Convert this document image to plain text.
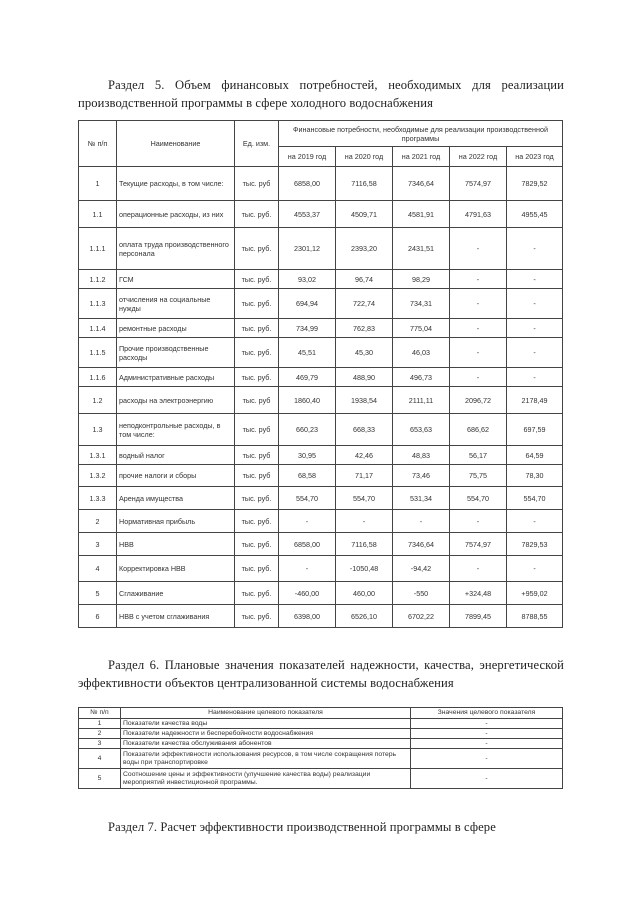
Раздел 5. Объем финансовых потребностей, необходимых для реализации производственной программы в сфере холодного водоснабжения
№ п/п	Наименование	Ед. изм.	Финансовые потребности, необходимые для реализации производственной программы				
			на 2019 год	на 2020 год	на 2021 год	на 2022 год	на 2023 год
1	Текущие расходы, в том числе:	тыс. руб	6858,00	7116,58	7346,64	7574,97	7829,52
1.1	операционные расходы, из них	тыс. руб.	4553,37	4509,71	4581,91	4791,63	4955,45
1.1.1	оплата труда производственного персонала	тыс. руб.	2301,12	2393,20	2431,51	-	-
1.1.2	ГСМ	тыс. руб.	93,02	96,74	98,29	-	-
1.1.3	отчисления на социальные нужды	тыс. руб.	694,94	722,74	734,31	-	-
1.1.4	ремонтные расходы	тыс. руб.	734,99	762,83	775,04	-	-
1.1.5	Прочие производственные расходы	тыс. руб.	45,51	45,30	46,03	-	-
1.1.6	Административные расходы	тыс. руб.	469,79	488,90	496,73	-	-
1.2	расходы на электроэнергию	тыс. руб	1860,40	1938,54	2111,11	2096,72	2178,49
1.3	неподконтрольные расходы, в том числе:	тыс. руб	660,23	668,33	653,63	686,62	697,59
1.3.1	водный налог	тыс. руб	30,95	42,46	48,83	56,17	64,59
1.3.2	прочие налоги и сборы	тыс. руб	68,58	71,17	73,46	75,75	78,30
1.3.3	Аренда имущества	тыс. руб.	554,70	554,70	531,34	554,70	554,70
2	Нормативная прибыль	тыс. руб.	-	-	-	-	-
3	НВВ	тыс. руб.	6858,00	7116,58	7346,64	7574,97	7829,53
4	Корректировка НВВ	тыс. руб.	-	-1050,48	-94,42	-	-
5	Сглаживание	тыс. руб.	-460,00	460,00	-550	+324,48	+959,02
6	НВВ с учетом сглаживания	тыс. руб.	6398,00	6526,10	6702,22	7899,45	8788,55
Раздел 6. Плановые значения показателей надежности, качества, энергетической эффективности объектов централизованной системы водоснабжения
№ п/п	Наименование целевого показателя	Значения целевого показателя
1	Показатели качества воды	-
2	Показатели надежности и бесперебойности водоснабжения	-
3	Показатели качества обслуживания абонентов	-
4	Показатели эффективности использования ресурсов, в том числе сокращения потерь воды при транспортировке	-
5	Соотношение цены и эффективности (улучшение качества воды) реализации мероприятий инвестиционной программы.	-
Раздел 7. Расчет эффективности производственной программы в сфере
